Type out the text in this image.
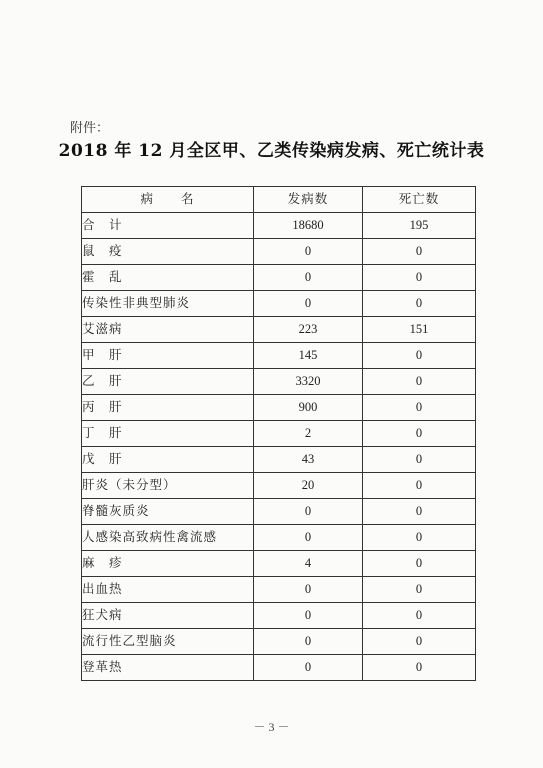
附件：
2018 年 12 月全区甲、乙类传染病发病、死亡统计表
病　　名	发病数	死亡数
合　计	18680	195
鼠　疫	0	0
霍　乱	0	0
传染性非典型肺炎	0	0
艾滋病	223	151
甲　肝	145	0
乙　肝	3320	0
丙　肝	900	0
丁　肝	2	0
戊　肝	43	0
肝炎（未分型）	20	0
脊髓灰质炎	0	0
人感染高致病性禽流感	0	0
麻　疹	4	0
出血热	0	0
狂犬病	0	0
流行性乙型脑炎	0	0
登革热	0	0
－ 3 －
